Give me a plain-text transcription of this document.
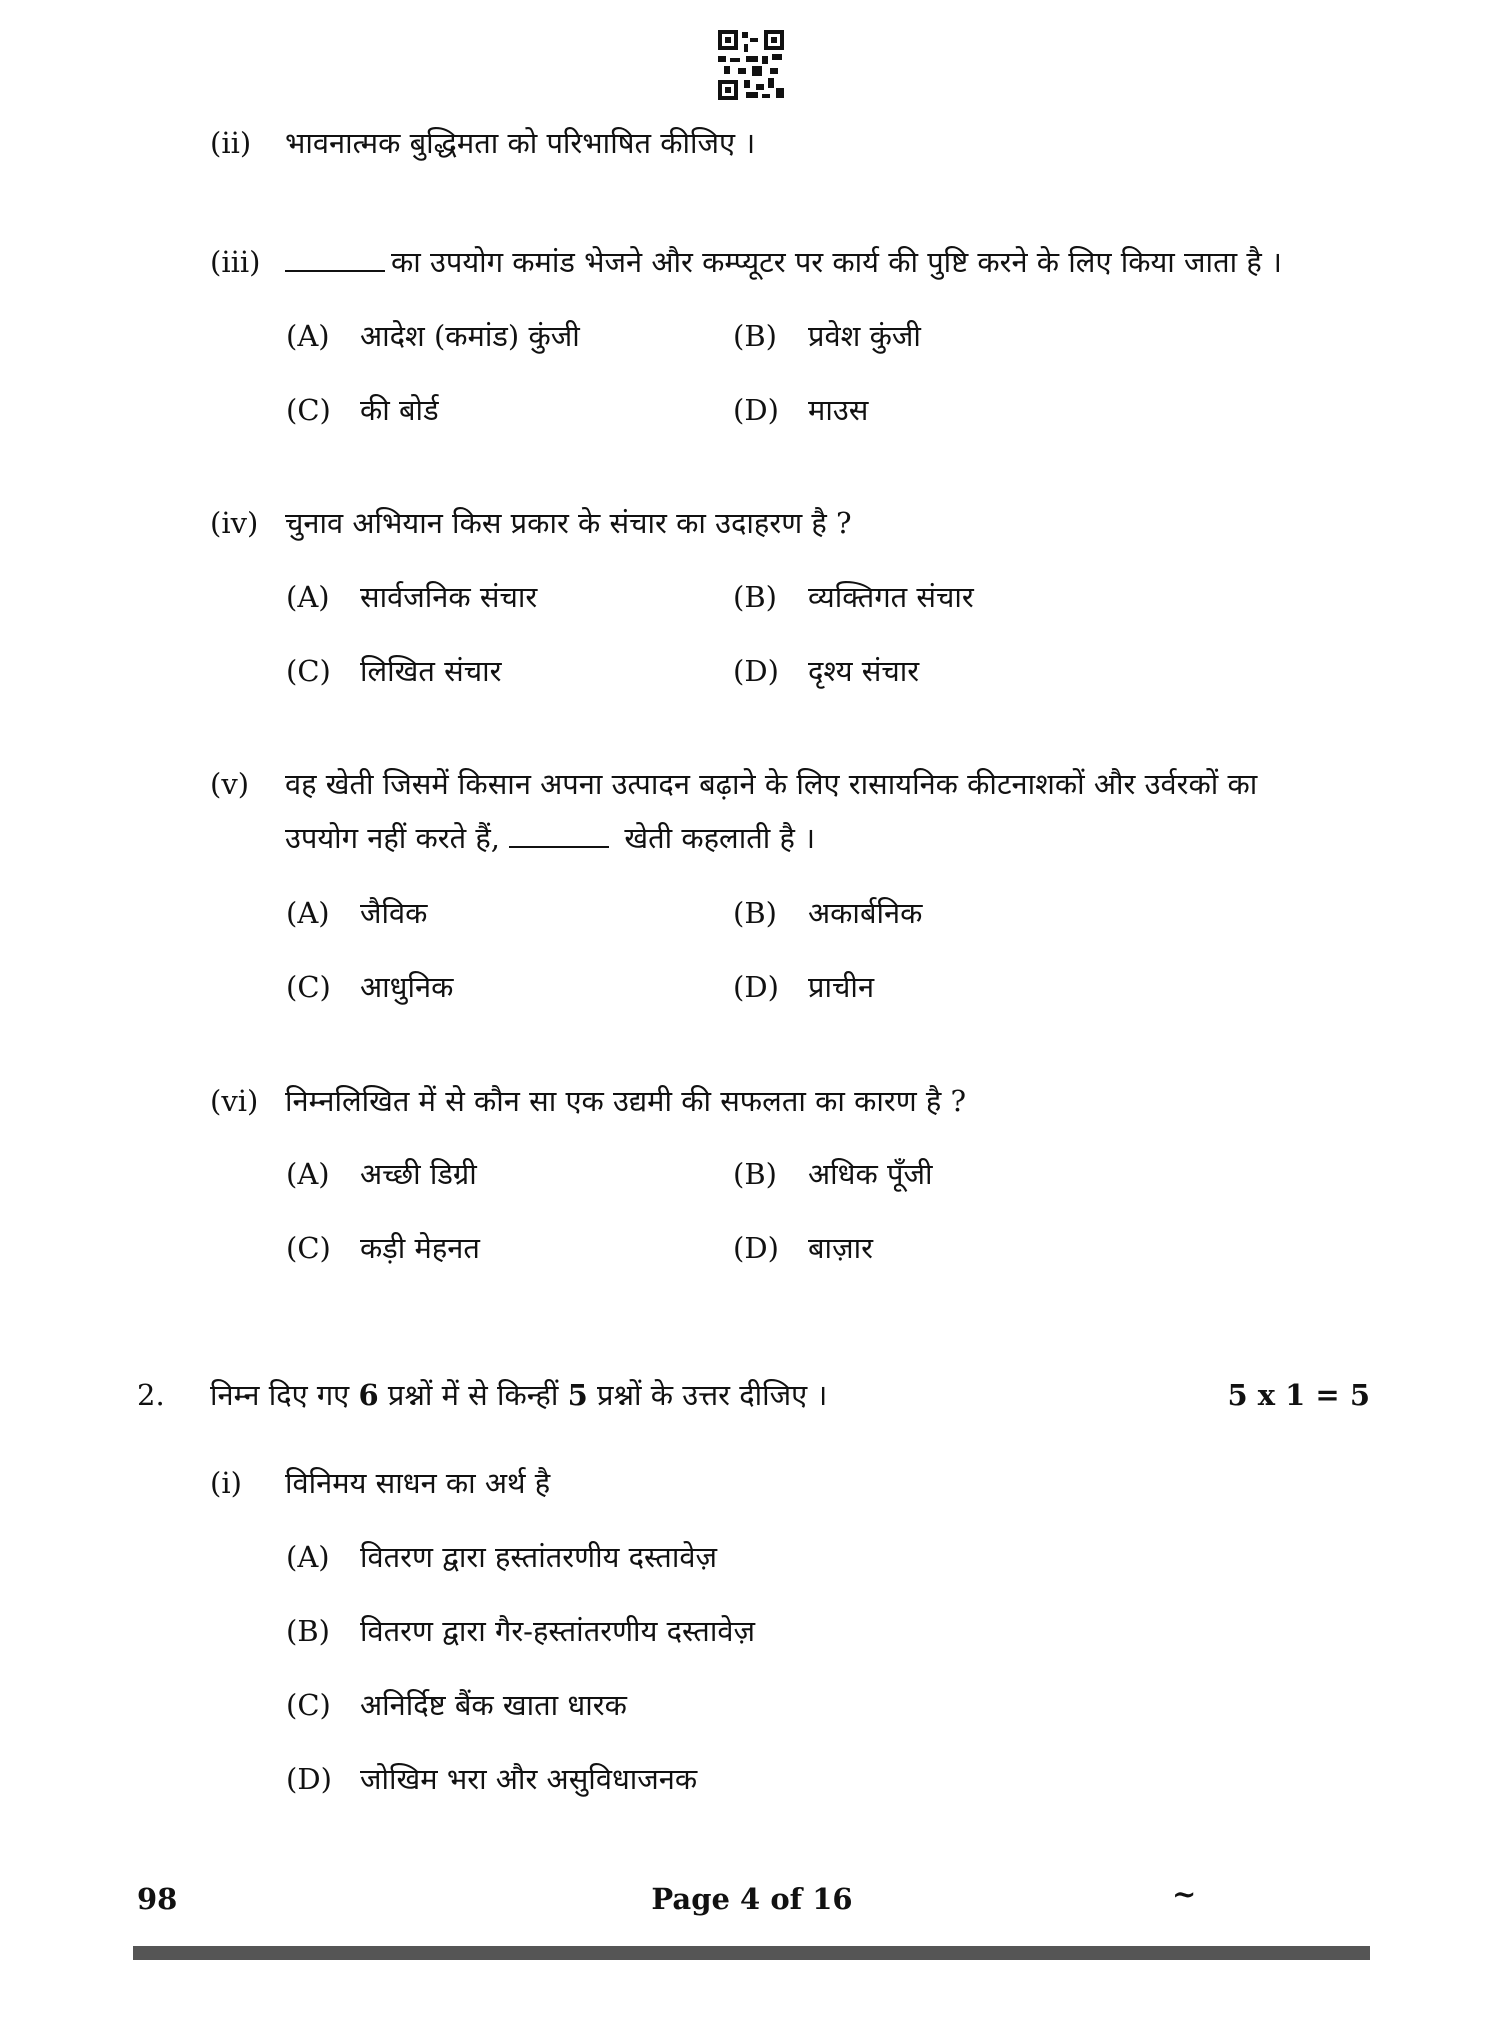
(ii) भावनात्मक बुद्धिमता को परिभाषित कीजिए ।
(iii)	का उपयोग कमांड भेजने और कम्प्यूटर पर कार्य की पुष्टि करने के लिए किया जाता है ।
(A) आदेश (कमांड) कुंजी	(B) प्रवेश कुंजी
(C) की बोर्ड	(D) माउस
(iv) चुनाव अभियान किस प्रकार के संचार का उदाहरण है ?
(A) सार्वजनिक संचार	(B) व्यक्तिगत संचार
(C) लिखित संचार	(D) दृश्य संचार
(v) वह खेती जिसमें किसान अपना उत्पादन बढ़ाने के लिए रासायनिक कीटनाशकों और उर्वरकों का
उपयोग नहीं करते हैं,	खेती कहलाती है ।
(A) जैविक	(B) अकार्बनिक
(C) आधुनिक	(D) प्राचीन
(vi) निम्नलिखित में से कौन सा एक उद्यमी की सफलता का कारण है ?
(A) अच्छी डिग्री	(B) अधिक पूँजी
(C) कड़ी मेहनत	(D) बाज़ार
2. निम्न दिए गए 6 प्रश्नों में से किन्हीं 5 प्रश्नों के उत्तर दीजिए ।	5 x 1 = 5
(i) विनिमय साधन का अर्थ है
(A) वितरण द्वारा हस्तांतरणीय दस्तावेज़
(B) वितरण द्वारा गैर-हस्तांतरणीय दस्तावेज़
(C) अनिर्दिष्ट बैंक खाता धारक
(D) जोखिम भरा और असुविधाजनक
98	Page 4 of 16	~
